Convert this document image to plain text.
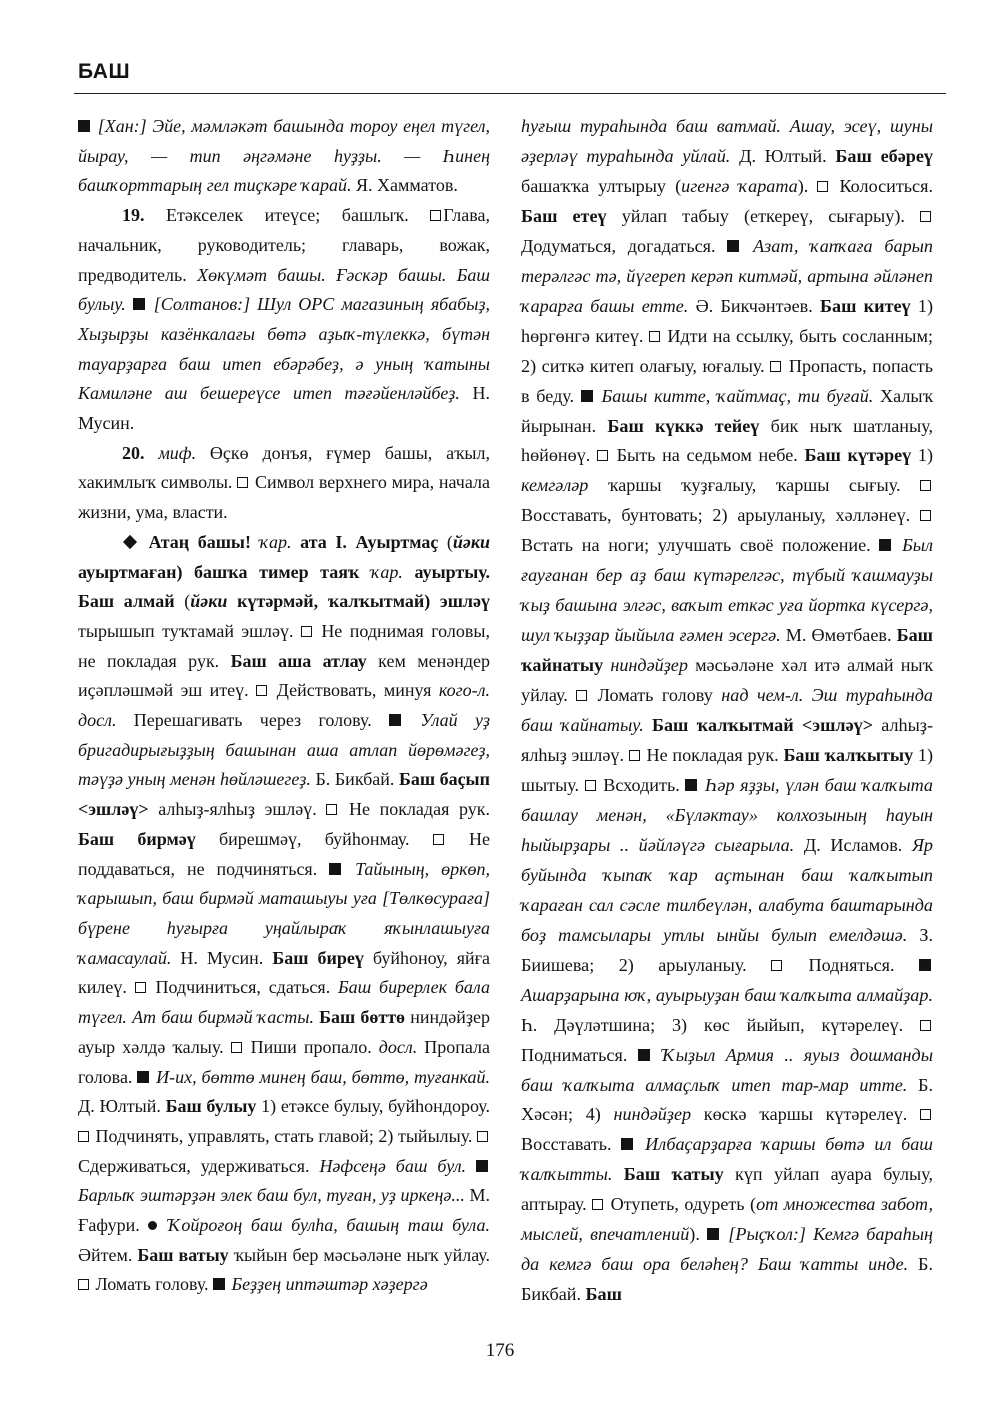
БАШ

[Хан:] Эйе, мәмләкәт башында тороу еңел түгел, йырау, — тип әңгәмәне һуҙҙы. — Һинең башҡорттарың гел тиҫкәре ҡарай. Я. Хамматов.

19. Етәкселек итеүсе; башлыҡ. Глава, начальник, руководитель; главарь, вожак, предводитель. Хөкүмәт башы. Ғәскәр башы. Баш булыу. [Солтанов:] Шул ОРС магазиның ябабыҙ, Хыҙырҙы казёнкалағы бөтә аҙыҡ-түлеккә, бүтән тауарҙарға баш итеп ебәрәбеҙ, ә уның ҡатыны Камиләне аш бешереүсе итеп тәғәйенләйбеҙ. Н. Мусин.

20. миф. Өҫкө донъя, ғүмер башы, аҡыл, хакимлыҡ символы.  Символ верхнего мира, начала жизни, ума, власти.

Атаң башы! ҡар. ата I. Ауыртмаҫ (йәки ауыртмаған) башҡа тимер таяҡ ҡар. ауыртыу. Баш алмай (йәки күтәрмәй, ҡалҡытмай) эшләү тырышып туҡтамай эшләү.  Не поднимая головы, не покладая рук. Баш аша атлау кем менәндер иҫәпләшмәй эш итеү.  Действовать, минуя кого-л. досл. Перешагивать через голову.  Улай уҙ бригадирығыҙҙың башынан аша атлап йөрөмәгеҙ, тәүҙә уның менән һөйләшегеҙ. Б. Бикбай. Баш баҫып <эшләү> алһыҙ-ялһыҙ эшләү.  Не покладая рук. Баш бирмәү бирешмәү, буйһонмау.  Не поддаваться, не подчиняться.  Тайының, өркөп, ҡарышып, баш бирмәй маташыуы уға [Төлкөсураға] бүрене һуғырға уңайлыраҡ яҡынлашыуға ҡамасаулай. Н. Мусин. Баш биреү буйһоноу, яйға килеү.  Подчиниться, сдаться. Баш бирерлек бала түгел. Ат баш бирмәй ҡасты. Баш бөттө ниндәйҙер ауыр хәлдә ҡалыу.  Пиши пропало. досл. Пропала голова.  И-их, бөттө минең баш, бөттө, туғанкай. Д. Юлтый. Баш булыу 1) етәксе булыу, буйһондороу.  Подчинять, управлять, стать главой; 2) тыйылыу.  Сдерживаться, удерживаться. Нәфсеңә баш бул.  Барлыҡ эштәрҙән элек баш бул, туған, уҙ иркеңә... М. Ғафури.  Ҡойроғоң баш булһа, башың таш була. Әйтем. Баш ватыу ҡыйын бер мәсьәләне ныҡ уйлау.  Ломать голову.  Беҙҙең иптәштәр хәҙергә

һуғыш тураһында баш ватмай. Ашау, эсеү, шуны әҙерләү тураһында уйлай. Д. Юлтый. Баш ебәреү башаҡҡа ултырыу (игенгә ҡарата).  Колоситься. Баш етеү уйлап табыу (еткереү, сығарыу).  Додуматься, догадаться.  Азат, ҡапҡаға барып терәлгәс тә, йүгереп керәп китмәй, артына әйләнеп ҡарарға башы етте. Ә. Бикчәнтәев. Баш китеү 1) һөргөнгә китеү.  Идти на ссылку, быть сосланным; 2) ситкә китеп олағыу, юғалыу.  Пропасть, попасть в беду.  Башы китте, ҡайтмаҫ, ти буғай. Халыҡ йырынан. Баш күккә тейеү бик ныҡ шатланыу, һөйөнөү.  Быть на седьмом небе. Баш күтәреү 1) кемгәләр ҡаршы ҡуҙғалыу, ҡаршы сығыу.  Восставать, бунтовать; 2) арыуланыу, хәлләнеү.  Встать на ноги; улучшать своё положение.  Был ғауғанан бер аҙ баш күтәрелгәс, түбый ҡашмауҙы ҡыҙ башына элгәс, ваҡыт еткәс уға йортка күсергә, шул ҡыҙҙар йыйыла ғәмен эсергә. М. Өмөтбаев. Баш ҡайнатыу ниндәйҙер мәсьәләне хәл итә алмай ныҡ уйлау.  Ломать голову над чем-л. Эш тураһында баш ҡайнатыу. Баш ҡалҡытмай <эшләү> алһыҙ-ялһыҙ эшләү.  Не покладая рук. Баш ҡалҡытыу 1) шытыу.  Всходить.  Һәр яҙҙы, үлән баш ҡалҡыта башлау менән, «Бүләктау» колхозының һауын һыйырҙары .. йәйләүгә сығарыла. Д. Исламов. Яр буйында ҡыпаҡ ҡар аҫтынан баш ҡалҡытып ҡараған сал сәсле тилбеүлән, алабута баштарында боҙ тамсылары утлы ынйы булып емелдәшә. З. Биишева; 2) арыуланыу.  Подняться.  Ашарҙарына юҡ, ауырыуҙан баш ҡалҡыта алмайҙар. Һ. Дәүләтшина; 3) көс йыйып, күтәрелеү.  Подниматься.  Ҡыҙыл Армия .. яуыз дошманды баш ҡалҡыта алмаҫлыҡ итеп тар-мар итте. Б. Хәсән; 4) ниндәйҙер көскә ҡаршы күтәрелеү.  Восставать.  Илбаҫарҙарға ҡаршы бөтә ил баш ҡалҡытты. Баш ҡатыу күп уйлап ауара булыу, аптырау.  Отупеть, одуреть (от множества забот, мыслей, впечатлений).  [Рыҫҡол:] Кемгә бараһың да кемгә баш ора беләһең? Баш ҡатты инде. Б. Бикбай. Баш

176
